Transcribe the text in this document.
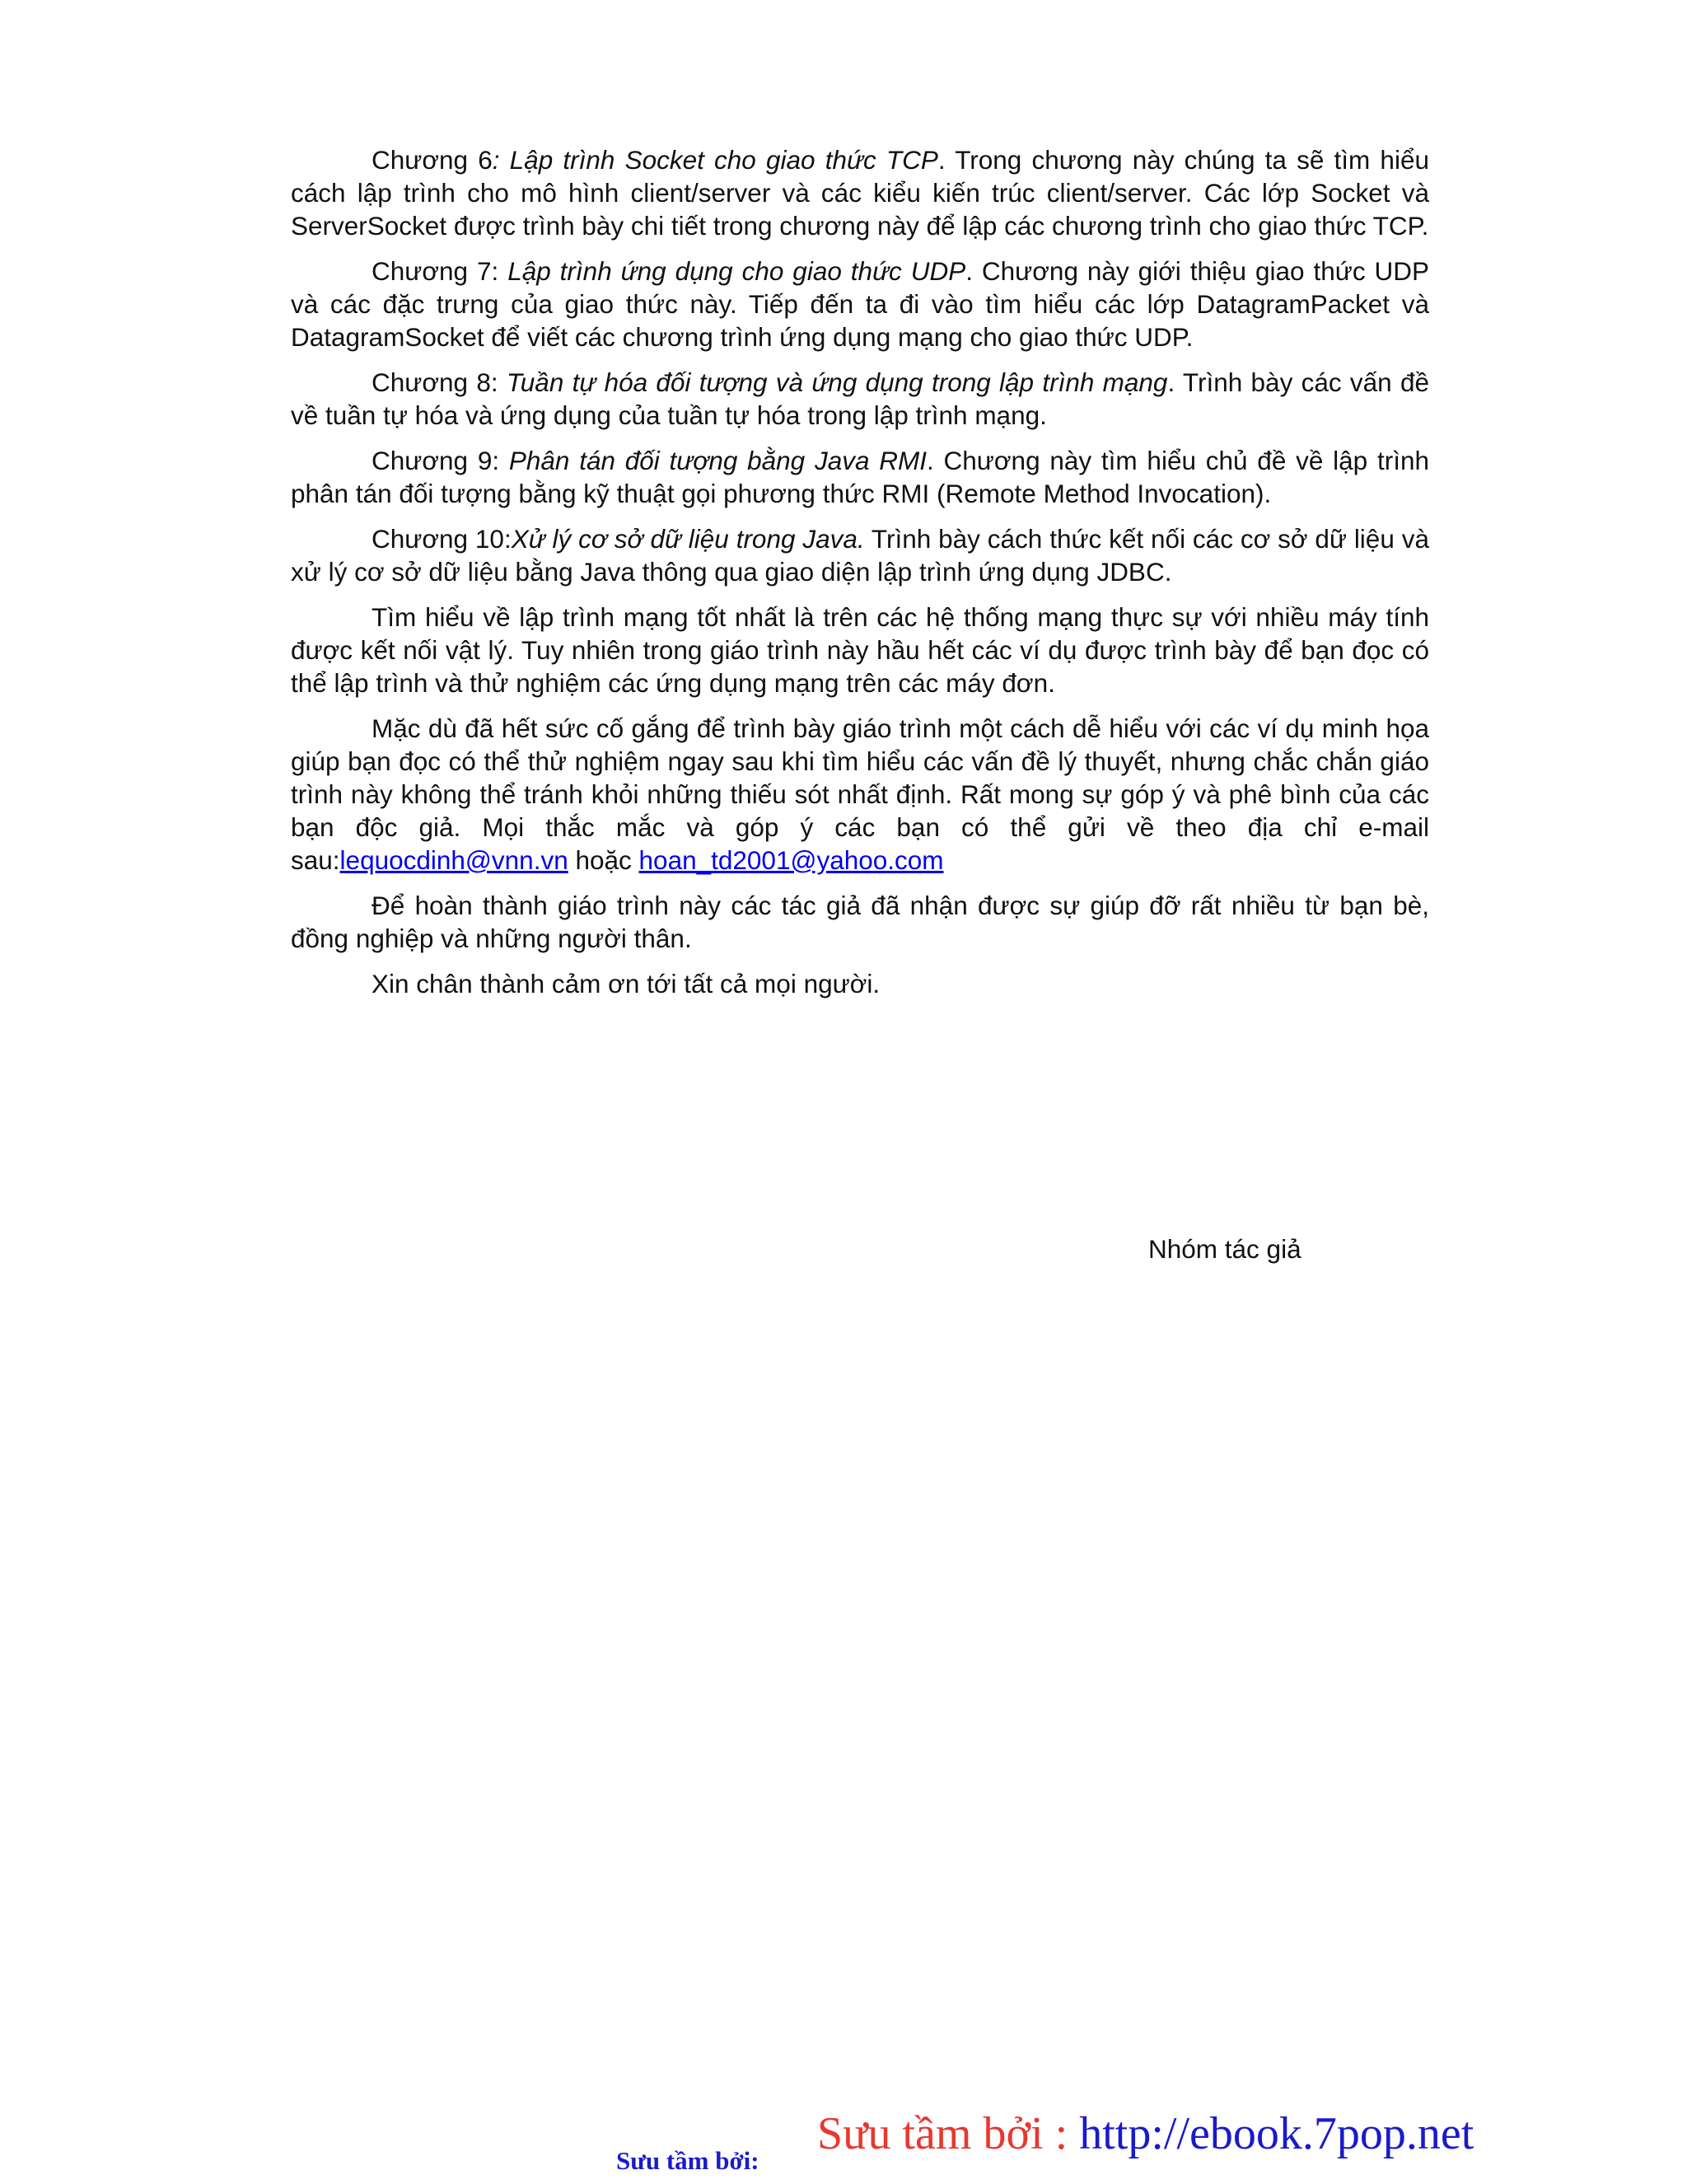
Chương 6: Lập trình Socket cho giao thức TCP. Trong chương này chúng ta sẽ tìm hiểu cách lập trình cho mô hình client/server và các kiểu kiến trúc client/server. Các lớp Socket và ServerSocket được trình bày chi tiết trong chương này để lập các chương trình cho giao thức TCP.

Chương 7: Lập trình ứng dụng cho giao thức UDP. Chương này giới thiệu giao thức UDP và các đặc trưng của giao thức này. Tiếp đến ta đi vào tìm hiểu các lớp DatagramPacket và DatagramSocket để viết các chương trình ứng dụng mạng cho giao thức UDP.

Chương 8: Tuần tự hóa đối tượng và ứng dụng trong lập trình mạng. Trình bày các vấn đề về tuần tự hóa và ứng dụng của tuần tự hóa trong lập trình mạng.

Chương 9: Phân tán đối tượng bằng Java RMI. Chương này tìm hiểu chủ đề về lập trình phân tán đối tượng bằng kỹ thuật gọi phương thức RMI (Remote Method Invocation).

Chương 10:Xử lý cơ sở dữ liệu trong Java. Trình bày cách thức kết nối các cơ sở dữ liệu và xử lý cơ sở dữ liệu bằng Java thông qua giao diện lập trình ứng dụng JDBC.

Tìm hiểu về lập trình mạng tốt nhất là trên các hệ thống mạng thực sự với nhiều máy tính được kết nối vật lý. Tuy nhiên trong giáo trình này hầu hết các ví dụ được trình bày để bạn đọc có thể lập trình và thử nghiệm các ứng dụng mạng trên các máy đơn.

Mặc dù đã hết sức cố gắng để trình bày giáo trình một cách dễ hiểu với các ví dụ minh họa giúp bạn đọc có thể thử nghiệm ngay sau khi tìm hiểu các vấn đề lý thuyết, nhưng chắc chắn giáo trình này không thể tránh khỏi những thiếu sót nhất định. Rất mong sự góp ý và phê bình của các bạn độc giả. Mọi thắc mắc và góp ý các bạn có thể gửi về theo địa chỉ e-mail sau:lequocdinh@vnn.vn hoặc hoan_td2001@yahoo.com

Để hoàn thành giáo trình này các tác giả đã nhận được sự giúp đỡ rất nhiều từ bạn bè, đồng nghiệp và những người thân.

Xin chân thành cảm ơn tới tất cả mọi người.

Nhóm tác giả
Sưu tầm bởi : http://ebook.7pop.net
Sưu tầm bởi:
